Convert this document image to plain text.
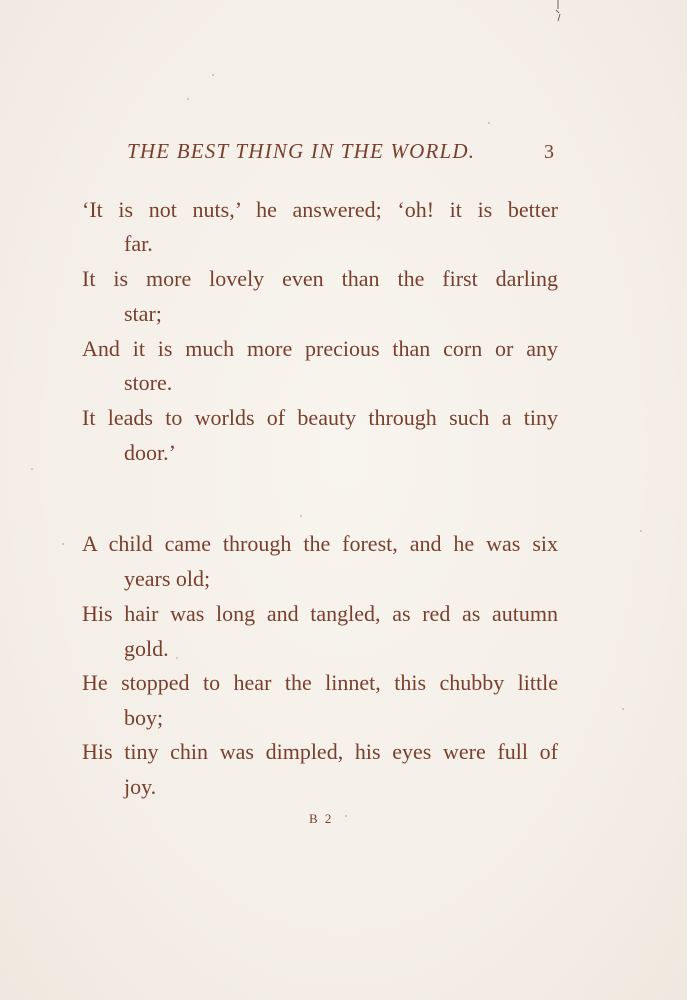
THE BEST THING IN THE WORLD.	3
‘It is not nuts,’ he answered; ‘oh! it is better
far.
It is more lovely even than the first darling
star;
And it is much more precious than corn or any
store.
It leads to worlds of beauty through such a tiny
door.’
A child came through the forest, and he was six
years old;
His hair was long and tangled, as red as autumn
gold.
He stopped to hear the linnet, this chubby little
boy;
His tiny chin was dimpled, his eyes were full of
joy.
B 2
